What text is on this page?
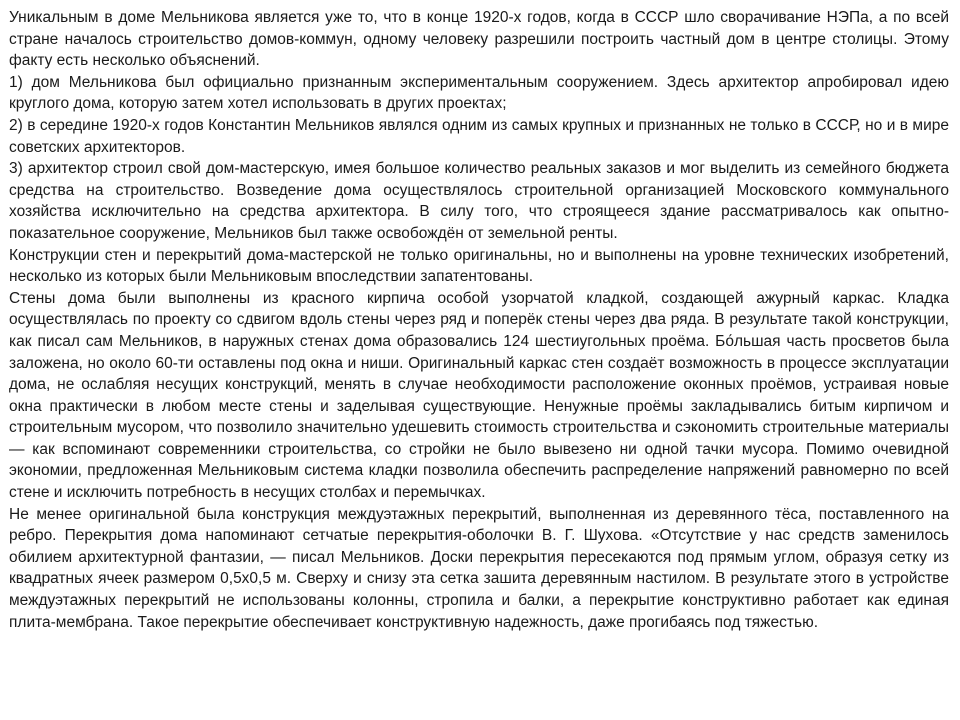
Уникальным в доме Мельникова является уже то, что в конце 1920-х годов, когда в СССР шло сворачивание НЭПа, а по всей стране началось строительство домов-коммун, одному человеку разрешили построить частный дом в центре столицы. Этому факту есть несколько объяснений.

1) дом Мельникова был официально признанным экспериментальным сооружением. Здесь архитектор апробировал идею круглого дома, которую затем хотел использовать в других проектах;

2) в середине 1920-х годов Константин Мельников являлся одним из самых крупных и признанных не только в СССР, но и в мире советских архитекторов.

3) архитектор строил свой дом-мастерскую, имея большое количество реальных заказов и мог выделить из семейного бюджета средства на строительство. Возведение дома осуществлялось строительной организацией Московского коммунального хозяйства исключительно на средства архитектора. В силу того, что строящееся здание рассматривалось как опытно-показательное сооружение, Мельников был также освобождён от земельной ренты.

Конструкции стен и перекрытий дома-мастерской не только оригинальны, но и выполнены на уровне технических изобретений, несколько из которых были Мельниковым впоследствии запатентованы.

Стены дома были выполнены из красного кирпича особой узорчатой кладкой, создающей ажурный каркас. Кладка осуществлялась по проекту со сдвигом вдоль стены через ряд и поперёк стены через два ряда. В результате такой конструкции, как писал сам Мельников, в наружных стенах дома образовались 124 шестиугольных проёма. Бо́льшая часть просветов была заложена, но около 60-ти оставлены под окна и ниши. Оригинальный каркас стен создаёт возможность в процессе эксплуатации дома, не ослабляя несущих конструкций, менять в случае необходимости расположение оконных проёмов, устраивая новые окна практически в любом месте стены и заделывая существующие. Ненужные проёмы закладывались битым кирпичом и строительным мусором, что позволило значительно удешевить стоимость строительства и сэкономить строительные материалы — как вспоминают современники строительства, со стройки не было вывезено ни одной тачки мусора. Помимо очевидной экономии, предложенная Мельниковым система кладки позволила обеспечить распределение напряжений равномерно по всей стене и исключить потребность в несущих столбах и перемычках.

Не менее оригинальной была конструкция междуэтажных перекрытий, выполненная из деревянного тёса, поставленного на ребро. Перекрытия дома напоминают сетчатые перекрытия-оболочки В. Г. Шухова. «Отсутствие у нас средств заменилось обилием архитектурной фантазии, — писал Мельников. Доски перекрытия пересекаются под прямым углом, образуя сетку из квадратных ячеек размером 0,5х0,5 м. Сверху и снизу эта сетка зашита деревянным настилом. В результате этого в устройстве междуэтажных перекрытий не использованы колонны, стропила и балки, а перекрытие конструктивно работает как единая плита-мембрана. Такое перекрытие обеспечивает конструктивную надежность, даже прогибаясь под тяжестью.
